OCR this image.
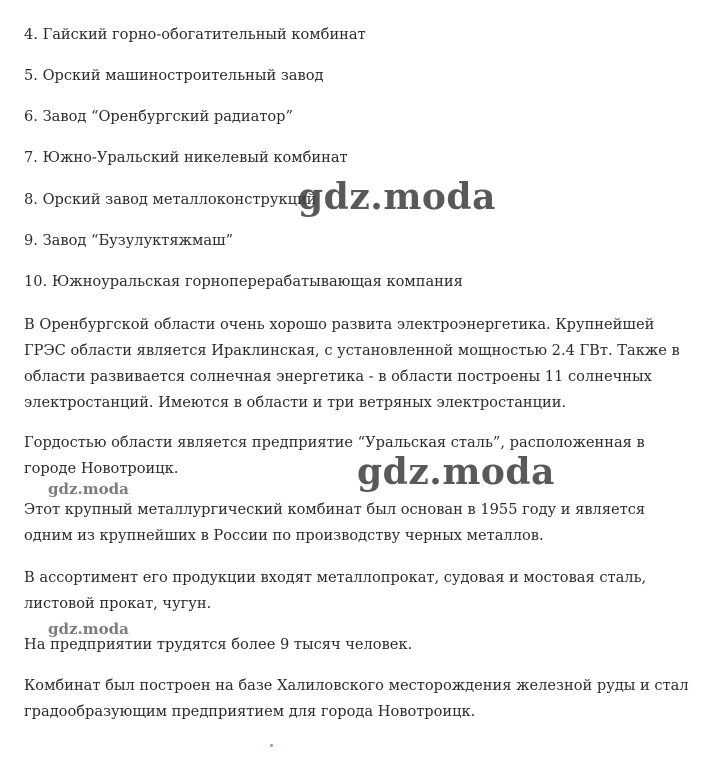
4. Гайский горно-обогатительный комбинат
5. Орский машиностроительный завод
6. Завод “Оренбургский радиатор”
7. Южно-Уральский никелевый комбинат
8. Орский завод металлоконструкций
9. Завод “Бузулуктяжмаш”
10. Южноуральская горноперерабатывающая компания
В Оренбургской области очень хорошо развита электроэнергетика. Крупнейшей ГРЭС области является Ираклинская, с установленной мощностью 2.4 ГВт. Также в области развивается солнечная энергетика - в области построены 11 солнечных электростанций. Имеются в области и три ветряных электростанции.
Гордостью области является предприятие “Уральская сталь”, расположенная в городе Новотроицк.
Этот крупный металлургический комбинат был основан в 1955 году и является одним из крупнейших в России по производству черных металлов.
В ассортимент его продукции входят металлопрокат, судовая и мостовая сталь, листовой прокат, чугун.
На предприятии трудятся более 9 тысяч человек.
Комбинат был построен на базе Халиловского месторождения железной руды и стал градообразующим предприятием для города Новотроицк.
gdz.moda
gdz.moda
gdz.moda
gdz.moda
